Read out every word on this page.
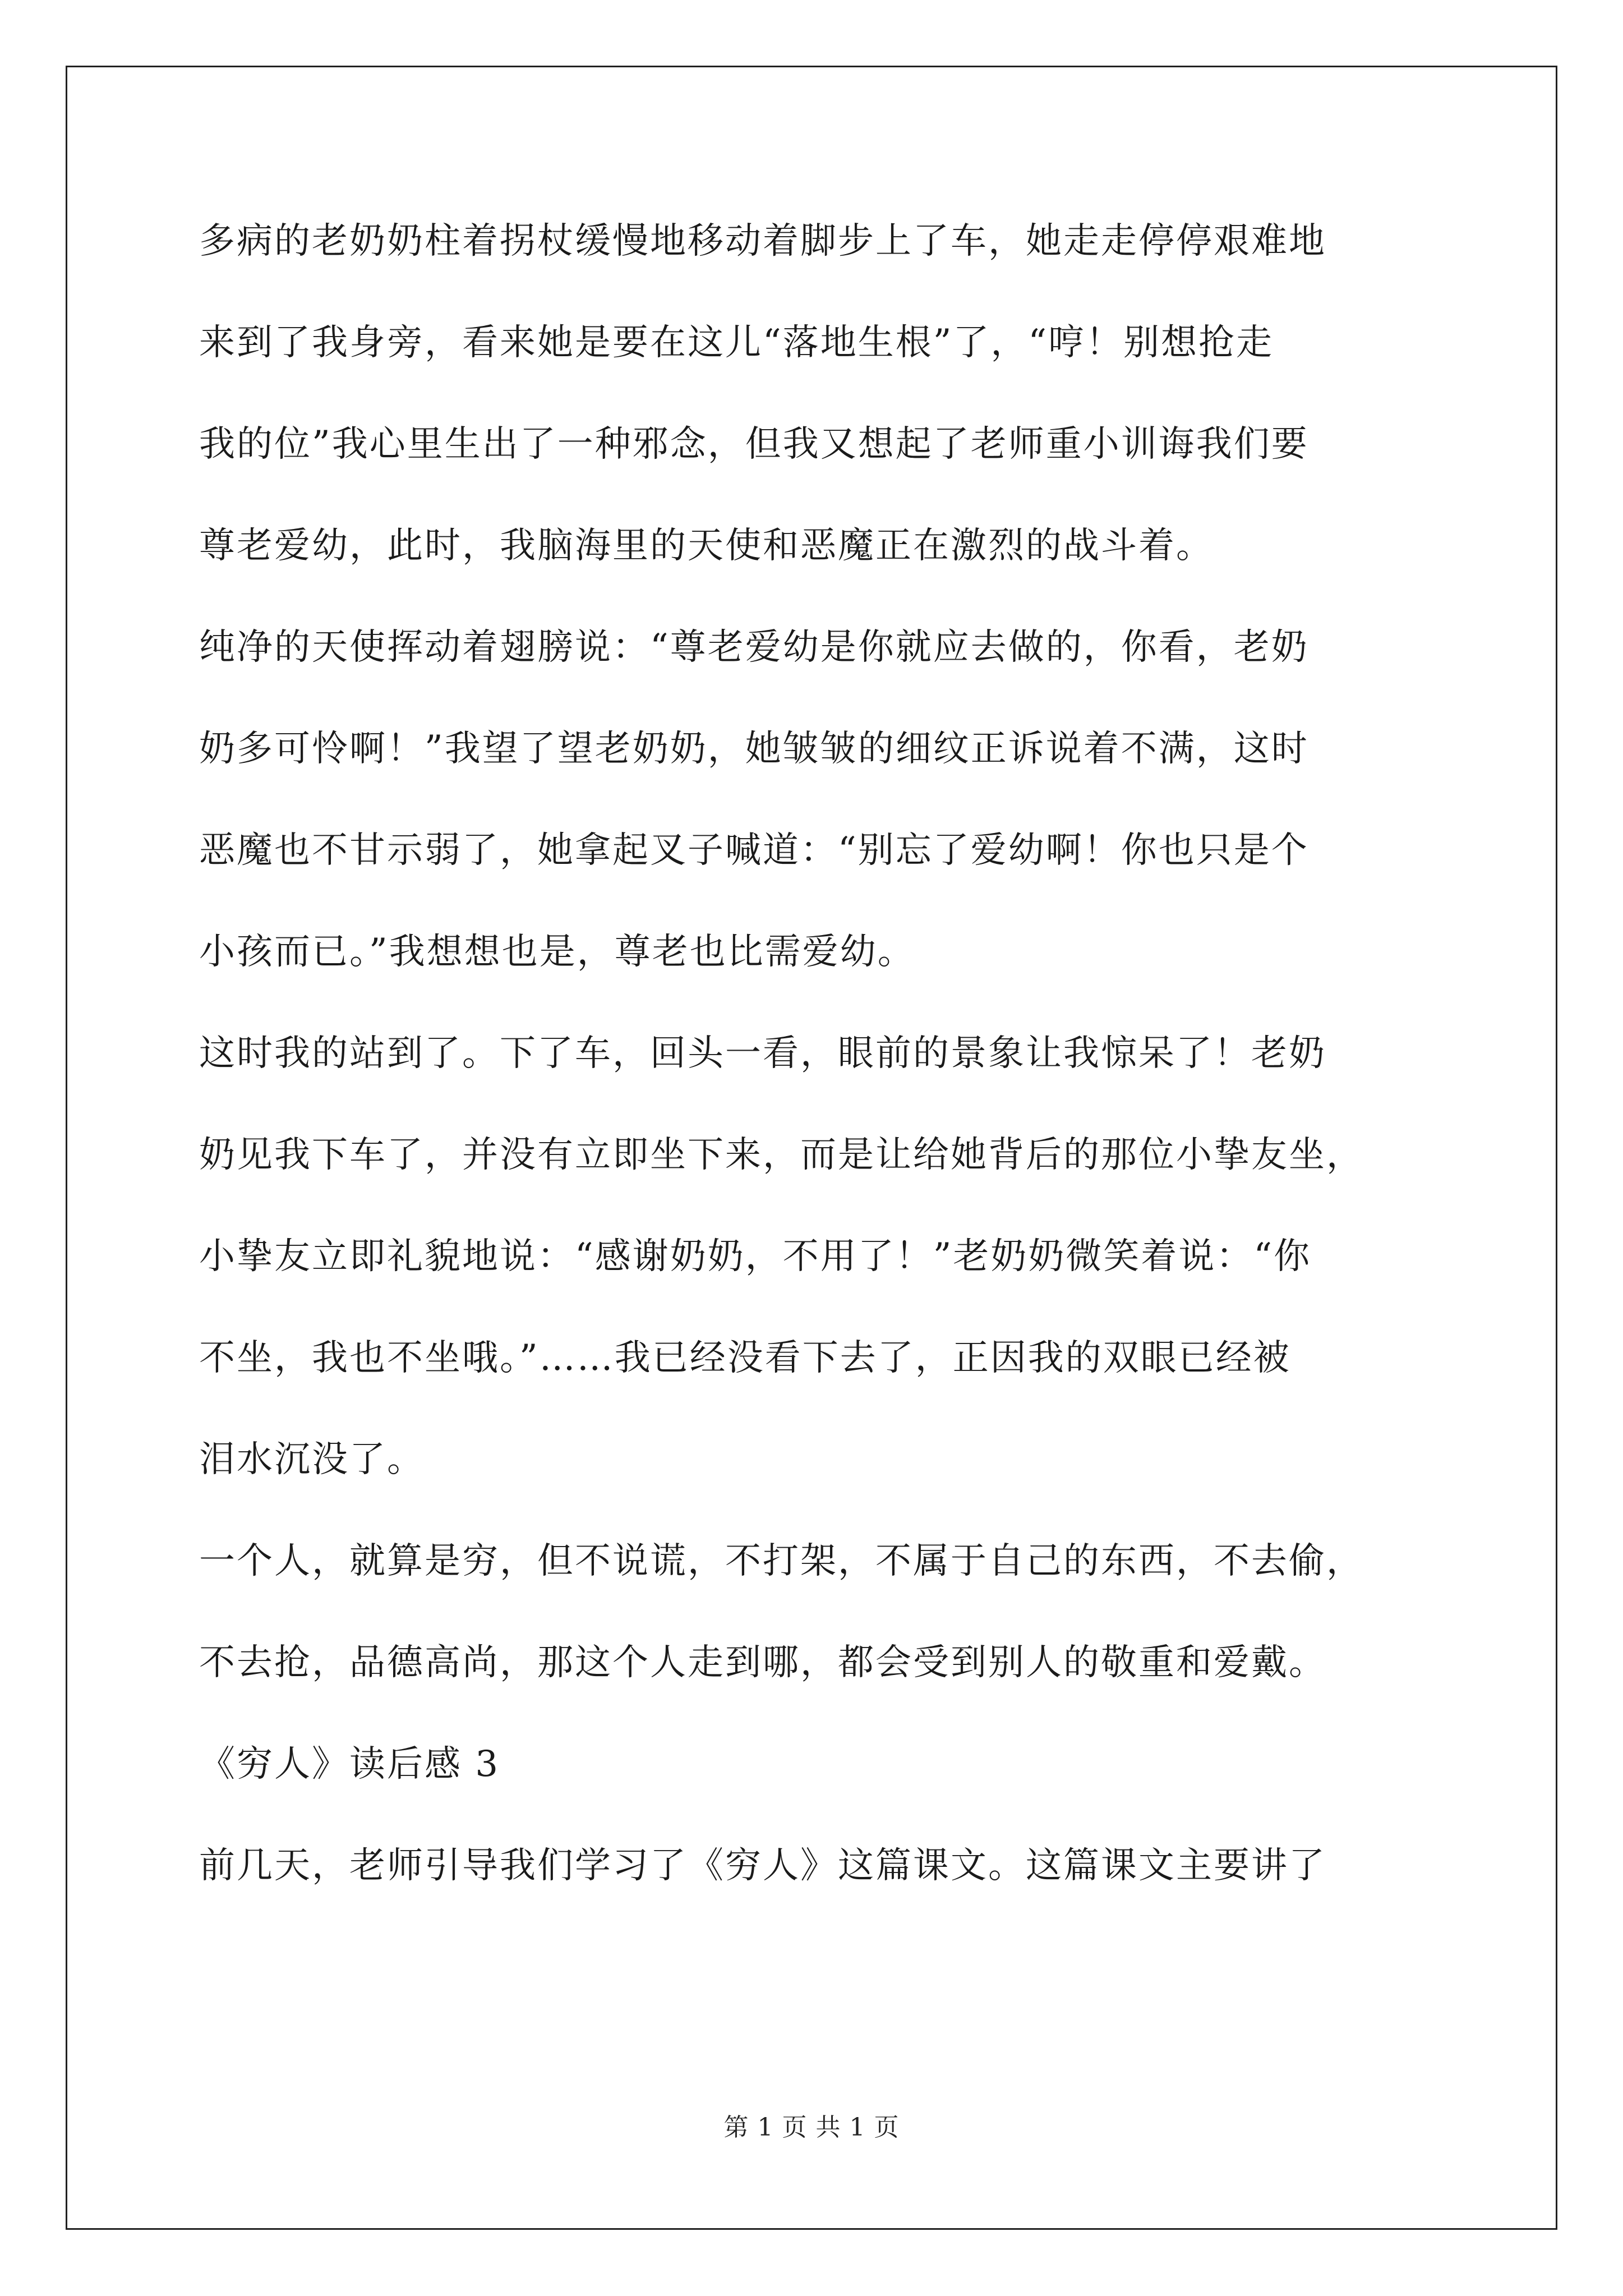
多病的老奶奶柱着拐杖缓慢地移动着脚步上了车，她走走停停艰难地
来到了我身旁，看来她是要在这儿“落地生根”了，“哼！别想抢走
我的位”我心里生出了一种邪念，但我又想起了老师重小训诲我们要
尊老爱幼，此时，我脑海里的天使和恶魔正在激烈的战斗着。
纯净的天使挥动着翅膀说：“尊老爱幼是你就应去做的，你看，老奶
奶多可怜啊！”我望了望老奶奶，她皱皱的细纹正诉说着不满，这时
恶魔也不甘示弱了，她拿起叉子喊道：“别忘了爱幼啊！你也只是个
小孩而已。”我想想也是，尊老也比需爱幼。
这时我的站到了。下了车，回头一看，眼前的景象让我惊呆了！老奶
奶见我下车了，并没有立即坐下来，而是让给她背后的那位小挚友坐，
小挚友立即礼貌地说：“感谢奶奶，不用了！”老奶奶微笑着说：“你
不坐，我也不坐哦。”……我已经没看下去了，正因我的双眼已经被
泪水沉没了。
一个人，就算是穷，但不说谎，不打架，不属于自己的东西，不去偷，
不去抢，品德高尚，那这个人走到哪，都会受到别人的敬重和爱戴。
《穷人》读后感 3
前几天，老师引导我们学习了《穷人》这篇课文。这篇课文主要讲了
第 1 页 共 1 页
